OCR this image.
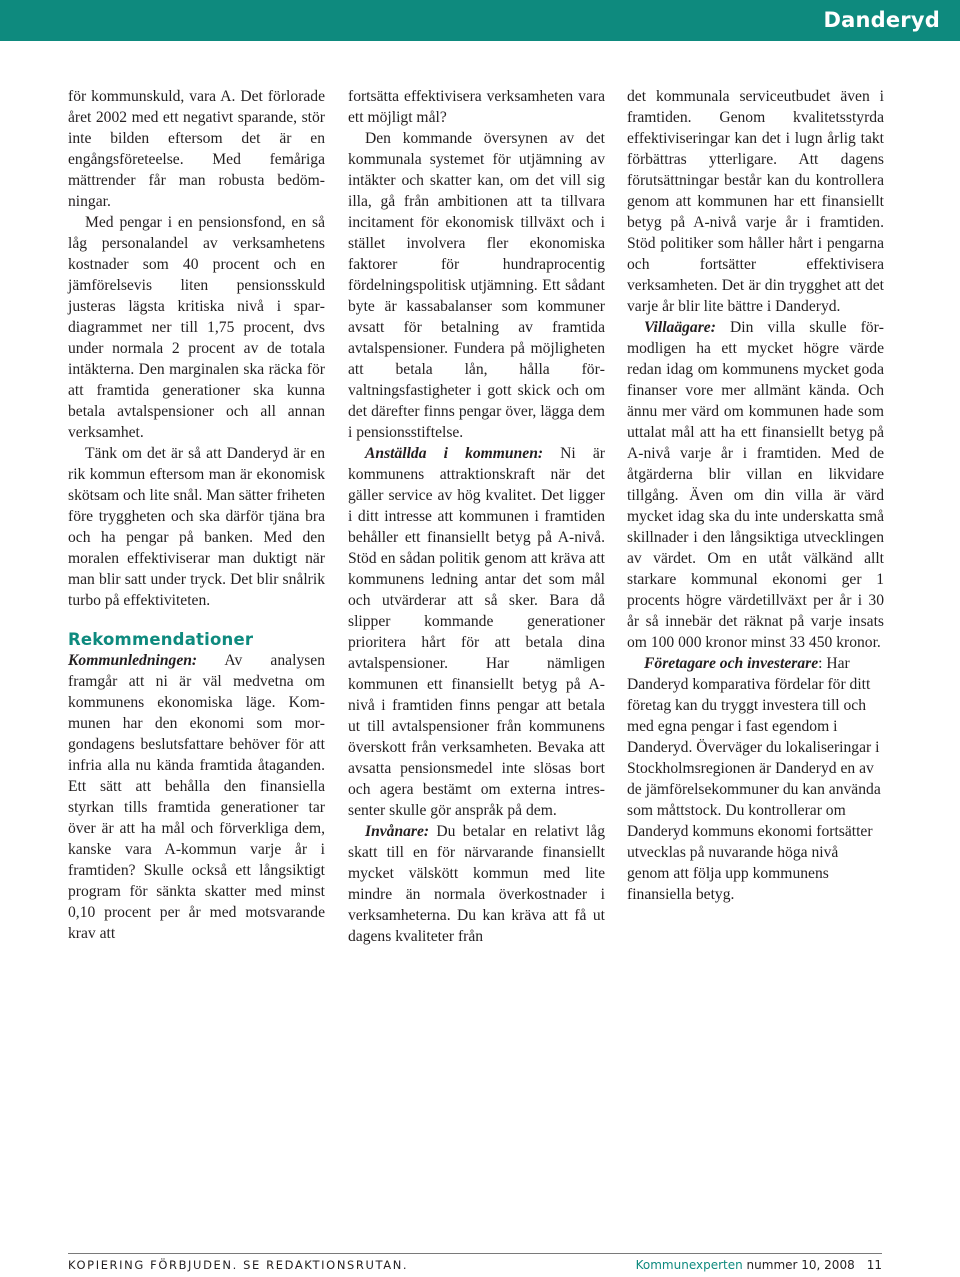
Danderyd

för kommunskuld, vara A. Det förlorade året 2002 med ett negativt sparande, stör inte bilden eftersom det är en engångsföreteelse. Med femåriga mättrender får man robusta bedömningar.

Med pengar i en pensionsfond, en så låg personalandel av verksamhetens kostnader som 40 procent och en jämförelsevis liten pensionsskuld justeras lägsta kritiska nivå i spardiagrammet ner till 1,75 procent, dvs under normala 2 procent av de totala intäkterna. Den marginalen ska räcka för att framtida generationer ska kunna betala avtalspensioner och all annan verksamhet.

Tänk om det är så att Danderyd är en rik kommun eftersom man är ekonomisk skötsam och lite snål. Man sätter friheten före tryggheten och ska därför tjäna bra och ha pengar på banken. Med den moralen effektiviserar man duktigt när man blir satt under tryck. Det blir snålrik turbo på effektiviteten.

Rekommendationer

Kommunledningen: Av analysen framgår att ni är väl medvetna om kommunens ekonomiska läge. Kommunen har den ekonomi som morgondagens beslutsfattare behöver för att infria alla nu kända framtida åtaganden. Ett sätt att behålla den finansiella styrkan tills framtida generationer tar över är att ha mål och förverkliga dem, kanske vara A-kommun varje år i framtiden? Skulle också ett långsiktigt program för sänkta skatter med minst 0,10 procent per år med motsvarande krav att

fortsätta effektivisera verksamheten vara ett möjligt mål?

Den kommande översynen av det kommunala systemet för utjämning av intäkter och skatter kan, om det vill sig illa, gå från ambitionen att ta tillvara incitament för ekonomisk tillväxt och i stället involvera fler ekonomiska faktorer för hundraprocentig fördelningspolitisk utjämning. Ett sådant byte är kassabalanser som kommuner avsatt för betalning av framtida avtalspensioner. Fundera på möjligheten att betala lån, hålla förvaltningsfastigheter i gott skick och om det därefter finns pengar över, lägga dem i pensionsstiftelse.

Anställda i kommunen: Ni är kommunens attraktionskraft när det gäller service av hög kvalitet. Det ligger i ditt intresse att kommunen i framtiden behåller ett finansiellt betyg på A-nivå. Stöd en sådan politik genom att kräva att kommunens ledning antar det som mål och utvärderar att så sker. Bara då slipper kommande generationer prioritera hårt för att betala dina avtalspensioner. Har nämligen kommunen ett finansiellt betyg på A-nivå i framtiden finns pengar att betala ut till avtalspensioner från kommunens överskott från verksamheten. Bevaka att avsatta pensionsmedel inte slösas bort och agera bestämt om externa intressenter skulle gör anspråk på dem.

Invånare: Du betalar en relativt låg skatt till en för närvarande finansiellt mycket välskött kommun med lite mindre än normala överkostnader i verksamheterna. Du kan kräva att få ut dagens kvaliteter från

det kommunala serviceutbudet även i framtiden. Genom kvalitetsstyrda effektiviseringar kan det i lugn årlig takt förbättras ytterligare. Att dagens förutsättningar består kan du kontrollera genom att kommunen har ett finansiellt betyg på A-nivå varje år i framtiden. Stöd politiker som håller hårt i pengarna och fortsätter effektivisera verksamheten. Det är din trygghet att det varje år blir lite bättre i Danderyd.

Villaägare: Din villa skulle förmodligen ha ett mycket högre värde redan idag om kommunens mycket goda finanser vore mer allmänt kända. Och ännu mer värd om kommunen hade som uttalat mål att ha ett finansiellt betyg på A-nivå varje år i framtiden. Med de åtgärderna blir villan en likvidare tillgång. Även om din villa är värd mycket idag ska du inte underskatta små skillnader i den långsiktiga utvecklingen av värdet. Om en utåt välkänd allt starkare kommunal ekonomi ger 1 procents högre värdetillväxt per år i 30 år så innebär det räknat på varje insats om 100 000 kronor minst 33 450 kronor.

Företagare och investerare: Har Danderyd komparativa fördelar för ditt företag kan du tryggt investera till och med egna pengar i fast egendom i Danderyd. Överväger du lokaliseringar i Stockholmsregionen är Danderyd en av de jämförelsekommuner du kan använda som måttstock. Du kontrollerar om Danderyd kommuns ekonomi fortsätter utvecklas på nuvarande höga nivå genom att följa upp kommunens finansiella betyg.

KOPIERING FÖRBJUDEN. SE REDAKTIONSRUTAN.	Kommunexperten nummer 10, 2008 11
